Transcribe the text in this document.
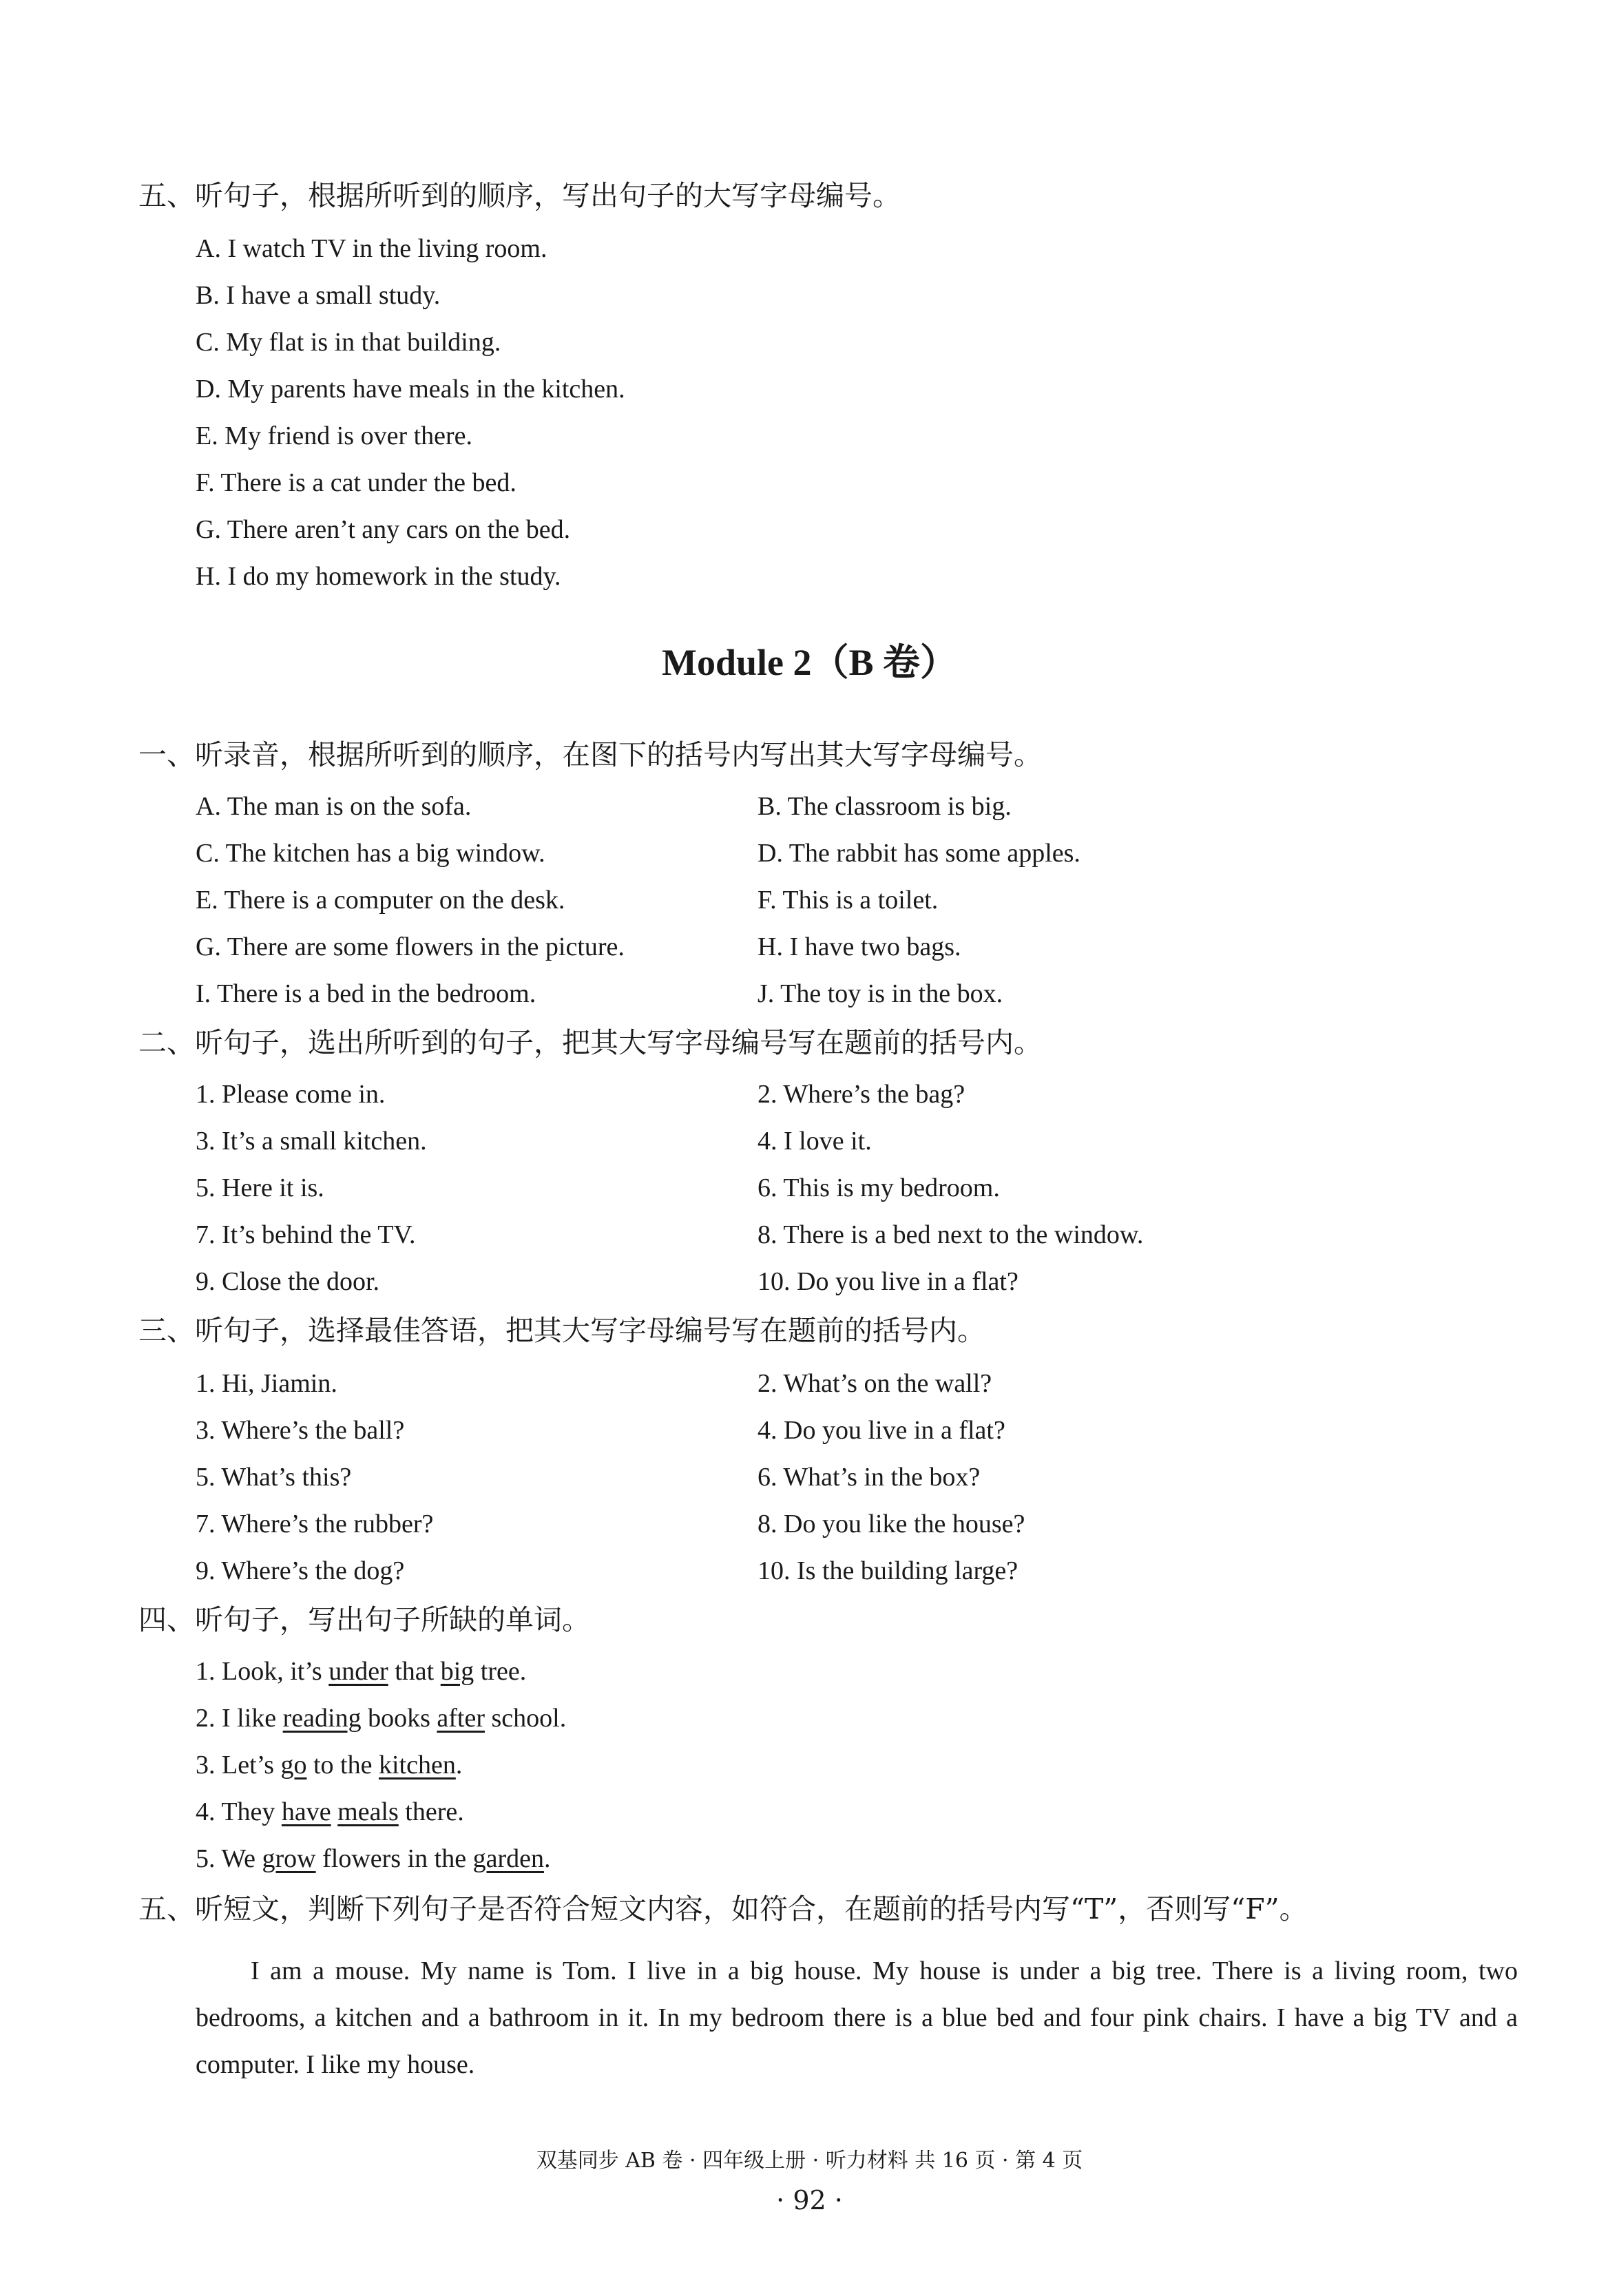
五、听句子，根据所听到的顺序，写出句子的大写字母编号。
A. I watch TV in the living room.
B. I have a small study.
C. My flat is in that building.
D. My parents have meals in the kitchen.
E. My friend is over there.
F. There is a cat under the bed.
G. There aren’t any cars on the bed.
H. I do my homework in the study.
Module 2（B 卷）
一、听录音，根据所听到的顺序，在图下的括号内写出其大写字母编号。
A. The man is on the sofa.	B. The classroom is big.
C. The kitchen has a big window.	D. The rabbit has some apples.
E. There is a computer on the desk.	F. This is a toilet.
G. There are some flowers in the picture.	H. I have two bags.
I. There is a bed in the bedroom.	J. The toy is in the box.
二、听句子，选出所听到的句子，把其大写字母编号写在题前的括号内。
1. Please come in.	2. Where’s the bag?
3. It’s a small kitchen.	4. I love it.
5. Here it is.	6. This is my bedroom.
7. It’s behind the TV.	8. There is a bed next to the window.
9. Close the door.	10. Do you live in a flat?
三、听句子，选择最佳答语，把其大写字母编号写在题前的括号内。
1. Hi, Jiamin.	2. What’s on the wall?
3. Where’s the ball?	4. Do you live in a flat?
5. What’s this?	6. What’s in the box?
7. Where’s the rubber?	8. Do you like the house?
9. Where’s the dog?	10. Is the building large?
四、听句子，写出句子所缺的单词。
1. Look, it’s under that big tree.
2. I like reading books after school.
3. Let’s go to the kitchen.
4. They have meals there.
5. We grow flowers in the garden.
五、听短文，判断下列句子是否符合短文内容，如符合，在题前的括号内写“T”，否则写“F”。
I am a mouse. My name is Tom. I live in a big house. My house is under a big tree. There is a living room, two bedrooms, a kitchen and a bathroom in it. In my bedroom there is a blue bed and four pink chairs. I have a big TV and a computer. I like my house.
双基同步 AB 卷 · 四年级上册 · 听力材料 共 16 页 · 第 4 页
· 92 ·
